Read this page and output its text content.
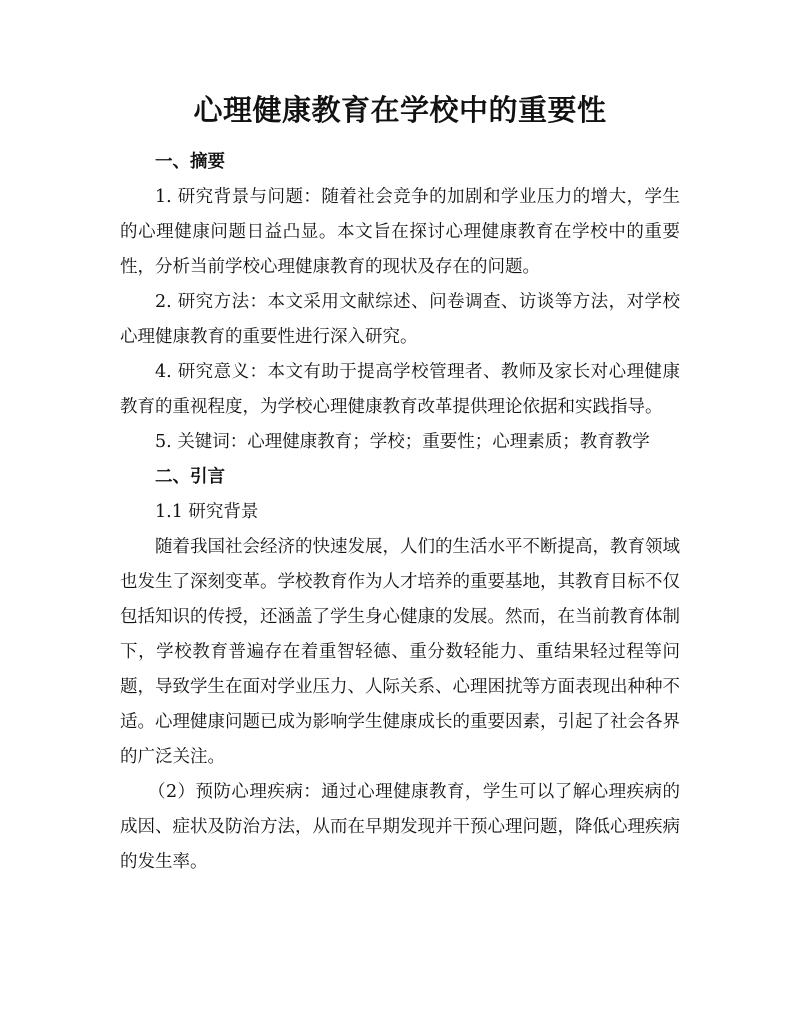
心理健康教育在学校中的重要性

一、摘要

1. 研究背景与问题：随着社会竞争的加剧和学业压力的增大，学生的心理健康问题日益凸显。本文旨在探讨心理健康教育在学校中的重要性，分析当前学校心理健康教育的现状及存在的问题。

2. 研究方法：本文采用文献综述、问卷调查、访谈等方法，对学校心理健康教育的重要性进行深入研究。

4. 研究意义：本文有助于提高学校管理者、教师及家长对心理健康教育的重视程度，为学校心理健康教育改革提供理论依据和实践指导。

5. 关键词：心理健康教育；学校；重要性；心理素质；教育教学

二、引言

1.1 研究背景

随着我国社会经济的快速发展，人们的生活水平不断提高，教育领域也发生了深刻变革。学校教育作为人才培养的重要基地，其教育目标不仅包括知识的传授，还涵盖了学生身心健康的发展。然而，在当前教育体制下，学校教育普遍存在着重智轻德、重分数轻能力、重结果轻过程等问题，导致学生在面对学业压力、人际关系、心理困扰等方面表现出种种不适。心理健康问题已成为影响学生健康成长的重要因素，引起了社会各界的广泛关注。

（2）预防心理疾病：通过心理健康教育，学生可以了解心理疾病的成因、症状及防治方法，从而在早期发现并干预心理问题，降低心理疾病的发生率。
